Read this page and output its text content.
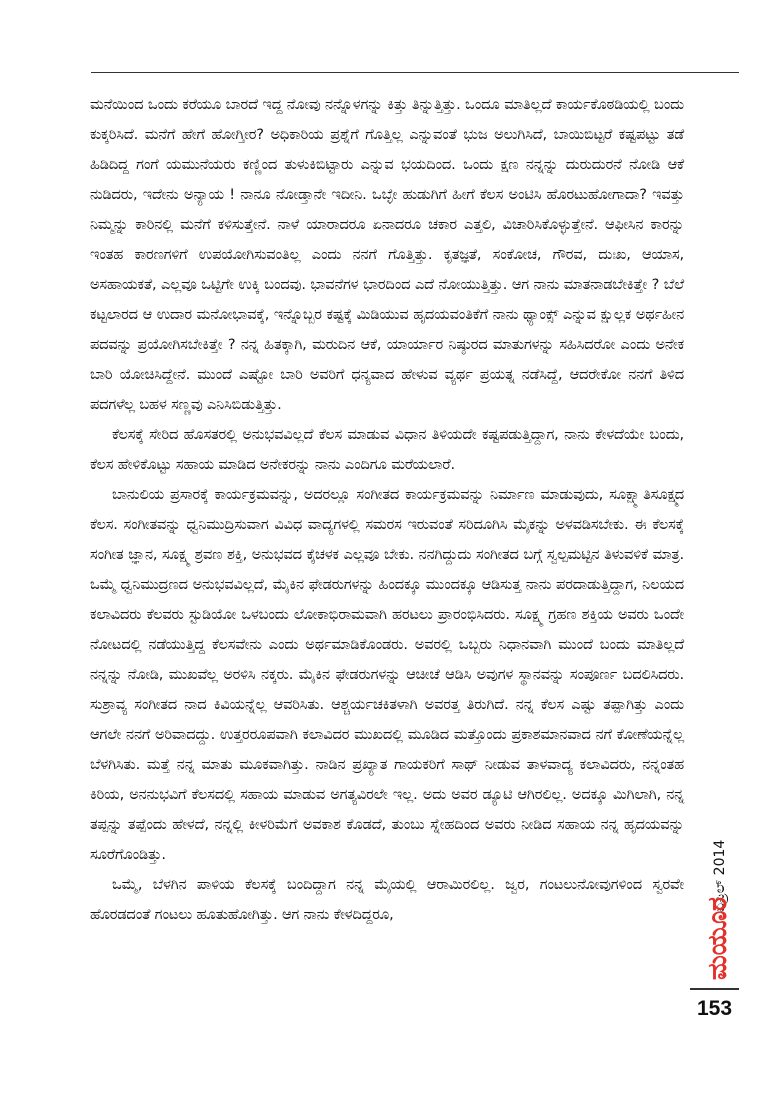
ಮನೆಯಿಂದ ಒಂದು ಕರೆಯೂ ಬಾರದೆ ಇದ್ದ ನೋವು ನನ್ನೊಳಗನ್ನು ಕಿತ್ತು ತಿನ್ನುತ್ತಿತ್ತು. ಒಂದೂ ಮಾತಿಲ್ಲದೆ ಕಾರ್ಯಕೊಠಡಿಯಲ್ಲಿ ಬಂದು ಕುಕ್ಕರಿಸಿದೆ. ಮನೆಗೆ ಹೇಗೆ ಹೋಗ್ತೀರ? ಅಧಿಕಾರಿಯ ಪ್ರಶ್ನೆಗೆ ಗೊತ್ತಿಲ್ಲ ಎನ್ನುವಂತೆ ಭುಜ ಅಲುಗಿಸಿದೆ, ಬಾಯಿಬಿಟ್ಟರೆ ಕಷ್ಟಪಟ್ಟು ತಡೆ ಹಿಡಿದಿದ್ದ ಗಂಗೆ ಯಮುನೆಯರು ಕಣ್ಣಿಂದ ತುಳುಕಿಬಿಟ್ಟಾರು ಎನ್ನುವ ಭಯದಿಂದ. ಒಂದು ಕ್ಷಣ ನನ್ನನ್ನು ದುರುದುರನೆ ನೋಡಿ ಆಕೆ ನುಡಿದರು, ಇದೇನು ಅನ್ಯಾಯ ! ನಾನೂ ನೋಡ್ತಾನೇ ಇದೀನಿ. ಒಬ್ಳೇ ಹುಡುಗಿಗೆ ಹೀಗೆ ಕೆಲಸ ಅಂಟಿಸಿ ಹೊರಟುಹೋಗಾದಾ? ಇವತ್ತು ನಿಮ್ಮನ್ನು ಕಾರಿನಲ್ಲಿ ಮನೆಗೆ ಕಳಿಸುತ್ತೇನೆ. ನಾಳೆ ಯಾರಾದರೂ ಏನಾದರೂ ಚಕಾರ ಎತ್ತಲಿ, ವಿಚಾರಿಸಿಕೊಳ್ಳುತ್ತೇನೆ. ಆಫೀಸಿನ ಕಾರನ್ನು ಇಂತಹ ಕಾರಣಗಳಿಗೆ ಉಪಯೋಗಿಸುವಂತಿಲ್ಲ ಎಂದು ನನಗೆ ಗೊತ್ತಿತ್ತು. ಕೃತಜ್ಞತೆ, ಸಂಕೋಚ, ಗೌರವ, ದುಃಖ, ಆಯಾಸ, ಅಸಹಾಯಕತೆ, ಎಲ್ಲವೂ ಒಟ್ಟಿಗೇ ಉಕ್ಕಿ ಬಂದವು. ಭಾವನೆಗಳ ಭಾರದಿಂದ ಎದೆ ನೋಯುತ್ತಿತ್ತು. ಆಗ ನಾನು ಮಾತನಾಡಬೇಕಿತ್ತೇ ? ಬೆಲೆ ಕಟ್ಟಲಾರದ ಆ ಉದಾರ ಮನೋಭಾವಕ್ಕೆ, ಇನ್ನೊಬ್ಬರ ಕಷ್ಟಕ್ಕೆ ಮಿಡಿಯುವ ಹೃದಯವಂತಿಕೆಗೆ ನಾನು ಥ್ಯಾಂಕ್ಸ್ ಎನ್ನುವ ಕ್ಷುಲ್ಲಕ ಅರ್ಥಹೀನ ಪದವನ್ನು ಪ್ರಯೋಗಿಸಬೇಕಿತ್ತೇ ? ನನ್ನ ಹಿತಕ್ಕಾಗಿ, ಮರುದಿನ ಆಕೆ, ಯಾರ್ಯಾರ ನಿಷ್ಠುರದ ಮಾತುಗಳನ್ನು ಸಹಿಸಿದರೋ ಎಂದು ಅನೇಕ ಬಾರಿ ಯೋಚಿಸಿದ್ದೇನೆ. ಮುಂದೆ ಎಷ್ಟೋ ಬಾರಿ ಅವರಿಗೆ ಧನ್ಯವಾದ ಹೇಳುವ ವ್ಯರ್ಥ ಪ್ರಯತ್ನ ನಡೆಸಿದ್ದೆ, ಆದರೇಕೋ ನನಗೆ ತಿಳಿದ ಪದಗಳೆಲ್ಲ ಬಹಳ ಸಣ್ಣವು ಎನಿಸಿಬಿಡುತ್ತಿತ್ತು.

ಕೆಲಸಕ್ಕೆ ಸೇರಿದ ಹೊಸತರಲ್ಲಿ ಅನುಭವವಿಲ್ಲದೆ ಕೆಲಸ ಮಾಡುವ ವಿಧಾನ ತಿಳಿಯದೇ ಕಷ್ಟಪಡುತ್ತಿದ್ದಾಗ, ನಾನು ಕೇಳದೆಯೇ ಬಂದು, ಕೆಲಸ ಹೇಳಿಕೊಟ್ಟು ಸಹಾಯ ಮಾಡಿದ ಅನೇಕರನ್ನು ನಾನು ಎಂದಿಗೂ ಮರೆಯಲಾರೆ.

ಬಾನುಲಿಯ ಪ್ರಸಾರಕ್ಕೆ ಕಾರ್ಯಕ್ರಮವನ್ನು, ಅದರಲ್ಲೂ ಸಂಗೀತದ ಕಾರ್ಯಕ್ರಮವನ್ನು ನಿರ್ಮಾಣ ಮಾಡುವುದು, ಸೂಕ್ಷ್ಮಾತಿಸೂಕ್ಷ್ಮದ ಕೆಲಸ. ಸಂಗೀತವನ್ನು ಧ್ವನಿಮುದ್ರಿಸುವಾಗ ವಿವಿಧ ವಾದ್ಯಗಳಲ್ಲಿ ಸಮರಸ ಇರುವಂತೆ ಸರಿದೂಗಿಸಿ ಮೈಕನ್ನು ಅಳವಡಿಸಬೇಕು. ಈ ಕೆಲಸಕ್ಕೆ ಸಂಗೀತ ಜ್ಞಾನ, ಸೂಕ್ಷ್ಮ ಶ್ರವಣ ಶಕ್ತಿ, ಅನುಭವದ ಕೈಚಳಕ ಎಲ್ಲವೂ ಬೇಕು. ನನಗಿದ್ದುದು ಸಂಗೀತದ ಬಗ್ಗೆ ಸ್ವಲ್ಪಮಟ್ಟಿನ ತಿಳುವಳಿಕೆ ಮಾತ್ರ. ಒಮ್ಮೆ ಧ್ವನಿಮುದ್ರಣದ ಅನುಭವವಿಲ್ಲದೆ, ಮೈಕಿನ ಫೇಡರುಗಳನ್ನು ಹಿಂದಕ್ಕೂ ಮುಂದಕ್ಕೂ ಆಡಿಸುತ್ತ ನಾನು ಪರದಾಡುತ್ತಿದ್ದಾಗ, ನಿಲಯದ ಕಲಾವಿದರು ಕೆಲವರು ಸ್ಟುಡಿಯೋ ಒಳಬಂದು ಲೋಕಾಭಿರಾಮವಾಗಿ ಹರಟಲು ಪ್ರಾರಂಭಿಸಿದರು. ಸೂಕ್ಷ್ಮ ಗ್ರಹಣ ಶಕ್ತಿಯ ಅವರು ಒಂದೇ ನೋಟದಲ್ಲಿ ನಡೆಯುತ್ತಿದ್ದ ಕೆಲಸವೇನು ಎಂದು ಅರ್ಥಮಾಡಿಕೊಂಡರು. ಅವರಲ್ಲಿ ಒಬ್ಬರು ನಿಧಾನವಾಗಿ ಮುಂದೆ ಬಂದು ಮಾತಿಲ್ಲದೆ ನನ್ನನ್ನು ನೋಡಿ, ಮುಖವೆಲ್ಲ ಅರಳಿಸಿ ನಕ್ಕರು. ಮೈಕಿನ ಫೇಡರುಗಳನ್ನು ಆಚೀಚೆ ಆಡಿಸಿ ಅವುಗಳ ಸ್ಥಾನವನ್ನು ಸಂಪೂರ್ಣ ಬದಲಿಸಿದರು. ಸುಶ್ರಾವ್ಯ ಸಂಗೀತದ ನಾದ ಕಿವಿಯನ್ನೆಲ್ಲ ಆವರಿಸಿತು. ಆಶ್ಚರ್ಯಚಕಿತಳಾಗಿ ಅವರತ್ತ ತಿರುಗಿದೆ. ನನ್ನ ಕೆಲಸ ಎಷ್ಟು ತಪ್ಪಾಗಿತ್ತು ಎಂದು ಆಗಲೇ ನನಗೆ ಅರಿವಾದದ್ದು. ಉತ್ತರರೂಪವಾಗಿ ಕಲಾವಿದರ ಮುಖದಲ್ಲಿ ಮೂಡಿದ ಮತ್ತೊಂದು ಪ್ರಕಾಶಮಾನವಾದ ನಗೆ ಕೋಣೆಯನ್ನೆಲ್ಲ ಬೆಳಗಿಸಿತು. ಮತ್ತೆ ನನ್ನ ಮಾತು ಮೂಕವಾಗಿತ್ತು. ನಾಡಿನ ಪ್ರಖ್ಯಾತ ಗಾಯಕರಿಗೆ ಸಾಥ್ ನೀಡುವ ತಾಳವಾದ್ಯ ಕಲಾವಿದರು, ನನ್ನಂತಹ ಕಿರಿಯ, ಅನನುಭವಿಗೆ ಕೆಲಸದಲ್ಲಿ ಸಹಾಯ ಮಾಡುವ ಅಗತ್ಯವಿರಲೇ ಇಲ್ಲ. ಅದು ಅವರ ಡ್ಯೂಟಿ ಆಗಿರಲಿಲ್ಲ. ಅದಕ್ಕೂ ಮಿಗಿಲಾಗಿ, ನನ್ನ ತಪ್ಪನ್ನು ತಪ್ಪೆಂದು ಹೇಳದೆ, ನನ್ನಲ್ಲಿ ಕೀಳರಿಮೆಗೆ ಅವಕಾಶ ಕೊಡದೆ, ತುಂಬು ಸ್ನೇಹದಿಂದ ಅವರು ನೀಡಿದ ಸಹಾಯ ನನ್ನ ಹೃದಯವನ್ನು ಸೂರೆಗೊಂಡಿತ್ತು.

ಒಮ್ಮೆ, ಬೆಳಗಿನ ಪಾಳಿಯ ಕೆಲಸಕ್ಕೆ ಬಂದಿದ್ದಾಗ ನನ್ನ ಮೈಯಲ್ಲಿ ಆರಾಮಿರಲಿಲ್ಲ. ಜ್ವರ, ಗಂಟಲುನೋವುಗಳಿಂದ ಸ್ವರವೇ ಹೊರಡದಂತೆ ಗಂಟಲು ಹೂತುಹೋಗಿತ್ತು. ಆಗ ನಾನು ಕೇಳದಿದ್ದರೂ,

ಏಪ್ರಿಲ್ 2014
ಮಯೂರ
153
